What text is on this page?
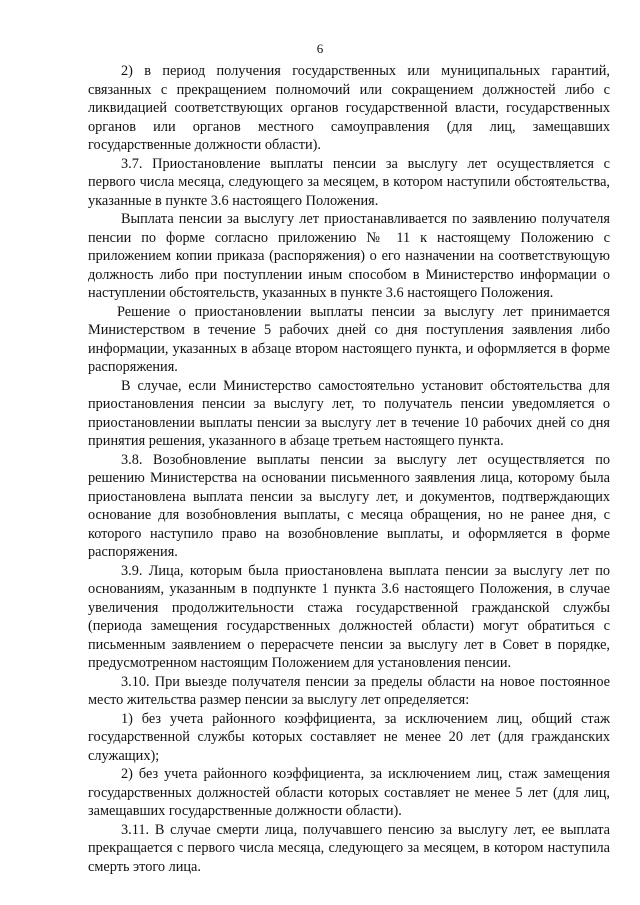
6

2) в период получения государственных или муниципальных гарантий, связанных с прекращением полномочий или сокращением должностей либо с ликвидацией соответствующих органов государственной власти, государственных органов или органов местного самоуправления (для лиц, замещавших государственные должности области).

3.7. Приостановление выплаты пенсии за выслугу лет осуществляется с первого числа месяца, следующего за месяцем, в котором наступили обстоятельства, указанные в пункте 3.6 настоящего Положения.

Выплата пенсии за выслугу лет приостанавливается по заявлению получателя пенсии по форме согласно приложению № 11 к настоящему Положению с приложением копии приказа (распоряжения) о его назначении на соответствующую должность либо при поступлении иным способом в Министерство информации о наступлении обстоятельств, указанных в пункте 3.6 настоящего Положения.

Решение о приостановлении выплаты пенсии за выслугу лет принимается Министерством в течение 5 рабочих дней со дня поступления заявления либо информации, указанных в абзаце втором настоящего пункта, и оформляется в форме распоряжения.

В случае, если Министерство самостоятельно установит обстоятельства для приостановления пенсии за выслугу лет, то получатель пенсии уведомляется о приостановлении выплаты пенсии за выслугу лет в течение 10 рабочих дней со дня принятия решения, указанного в абзаце третьем настоящего пункта.

3.8. Возобновление выплаты пенсии за выслугу лет осуществляется по решению Министерства на основании письменного заявления лица, которому была приостановлена выплата пенсии за выслугу лет, и документов, подтверждающих основание для возобновления выплаты, с месяца обращения, но не ранее дня, с которого наступило право на возобновление выплаты, и оформляется в форме распоряжения.

3.9. Лица, которым была приостановлена выплата пенсии за выслугу лет по основаниям, указанным в подпункте 1 пункта 3.6 настоящего Положения, в случае увеличения продолжительности стажа государственной гражданской службы (периода замещения государственных должностей области) могут обратиться с письменным заявлением о перерасчете пенсии за выслугу лет в Совет в порядке, предусмотренном настоящим Положением для установления пенсии.

3.10. При выезде получателя пенсии за пределы области на новое постоянное место жительства размер пенсии за выслугу лет определяется:

1) без учета районного коэффициента, за исключением лиц, общий стаж государственной службы которых составляет не менее 20 лет (для гражданских служащих);

2) без учета районного коэффициента, за исключением лиц, стаж замещения государственных должностей области которых составляет не менее 5 лет (для лиц, замещавших государственные должности области).

3.11. В случае смерти лица, получавшего пенсию за выслугу лет, ее выплата прекращается с первого числа месяца, следующего за месяцем, в котором наступила смерть этого лица.
